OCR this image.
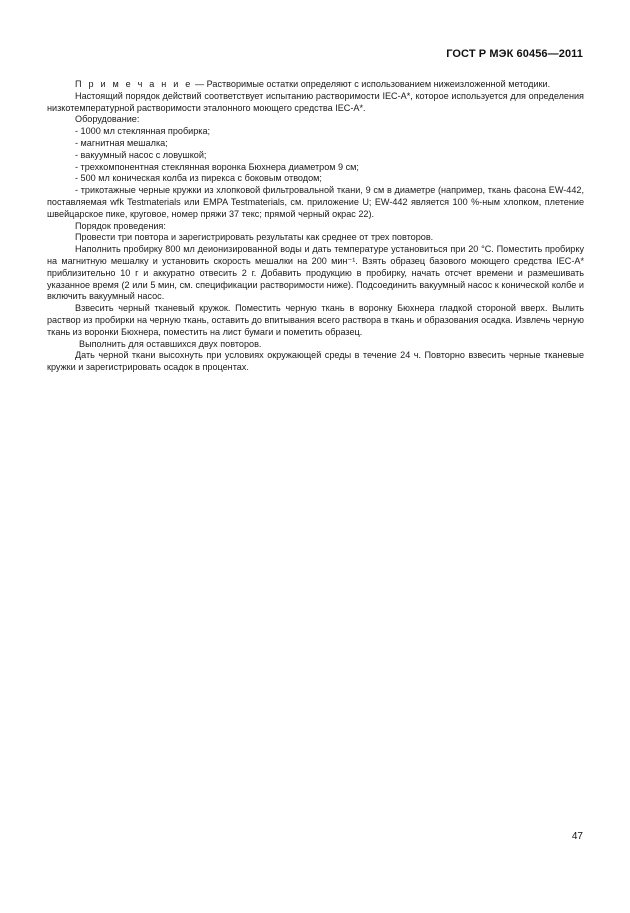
ГОСТ Р МЭК 60456—2011

П р и м е ч а н и е — Растворимые остатки определяют с использованием нижеизложенной методики.

Настоящий порядок действий соответствует испытанию растворимости IEC-A*, которое используется для определения низкотемпературной растворимости эталонного моющего средства IEC-A*.

Оборудование:

- 1000 мл стеклянная пробирка;

- магнитная мешалка;

- вакуумный насос с ловушкой;

- трехкомпонентная стеклянная воронка Бюхнера диаметром 9 см;

- 500 мл коническая колба из пирекса с боковым отводом;

- трикотажные черные кружки из хлопковой фильтровальной ткани, 9 см в диаметре (например, ткань фасона EW-442, поставляемая wfk Testmaterials или EMPA Testmaterials, см. приложение U; EW-442 является 100 %-ным хлопком, плетение швейцарское пике, круговое, номер пряжи 37 текс; прямой черный окрас 22).

Порядок проведения:

Провести три повтора и зарегистрировать результаты как среднее от трех повторов.

Наполнить пробирку 800 мл деионизированной воды и дать температуре установиться при 20 °С. Поместить пробирку на магнитную мешалку и установить скорость мешалки на 200 мин⁻¹. Взять образец базового моющего средства IEC-A* приблизительно 10 г и аккуратно отвесить 2 г. Добавить продукцию в пробирку, начать отсчет времени и размешивать указанное время (2 или 5 мин, см. спецификации растворимости ниже). Подсоединить вакуумный насос к конической колбе и включить вакуумный насос.

Взвесить черный тканевый кружок. Поместить черную ткань в воронку Бюхнера гладкой стороной вверх. Вылить раствор из пробирки на черную ткань, оставить до впитывания всего раствора в ткань и образования осадка. Извлечь черную ткань из воронки Бюхнера, поместить на лист бумаги и пометить образец.

Выполнить для оставшихся двух повторов.

Дать черной ткани высохнуть при условиях окружающей среды в течение 24 ч. Повторно взвесить черные тканевые кружки и зарегистрировать осадок в процентах.

47
